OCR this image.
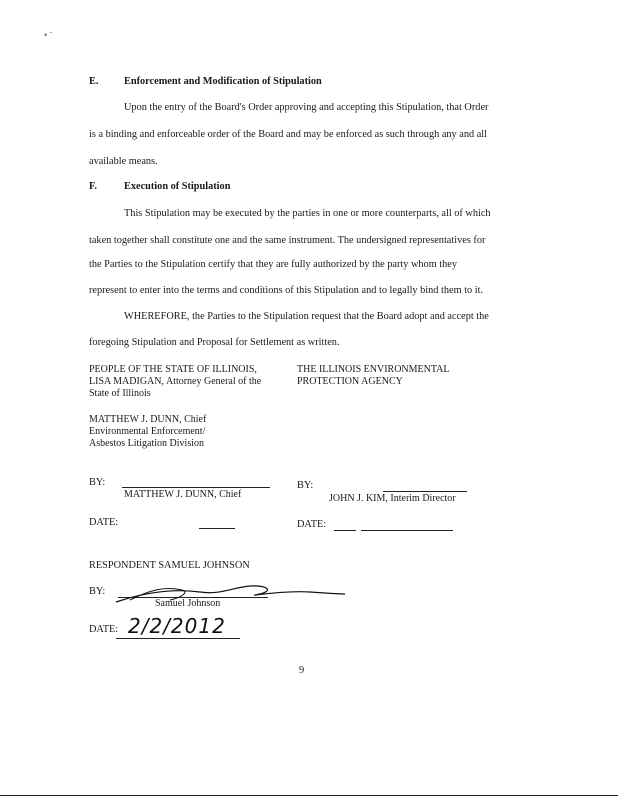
• ¨
E. Enforcement and Modification of Stipulation
Upon the entry of the Board's Order approving and accepting this Stipulation, that Order
is a binding and enforceable order of the Board and may be enforced as such through any and all
available means.
F.	Execution of Stipulation
This Stipulation may be executed by the parties in one or more counterparts, all of which
taken together shall constitute one and the same instrument. The undersigned representatives for
the Parties to the Stipulation certify that they are fully authorized by the party whom they
represent to enter into the terms and conditions of this Stipulation and to legally bind them to it.
WHEREFORE, the Parties to the Stipulation request that the Board adopt and accept the
foregoing Stipulation and Proposal for Settlement as written.
PEOPLE OF THE STATE OF ILLINOIS,
LISA MADIGAN, Attorney General of the
State of Illinois
MATTHEW J. DUNN, Chief
Environmental Enforcement/
Asbestos Litigation Division
THE ILLINOIS ENVIRONMENTAL
PROTECTION AGENCY
BY:
MATTHEW J. DUNN, Chief
DATE:
BY:
JOHN J. KIM, Interim Director
DATE:
RESPONDENT SAMUEL JOHNSON
BY:
Samuel Johnson
DATE: 2/2/2012
9
